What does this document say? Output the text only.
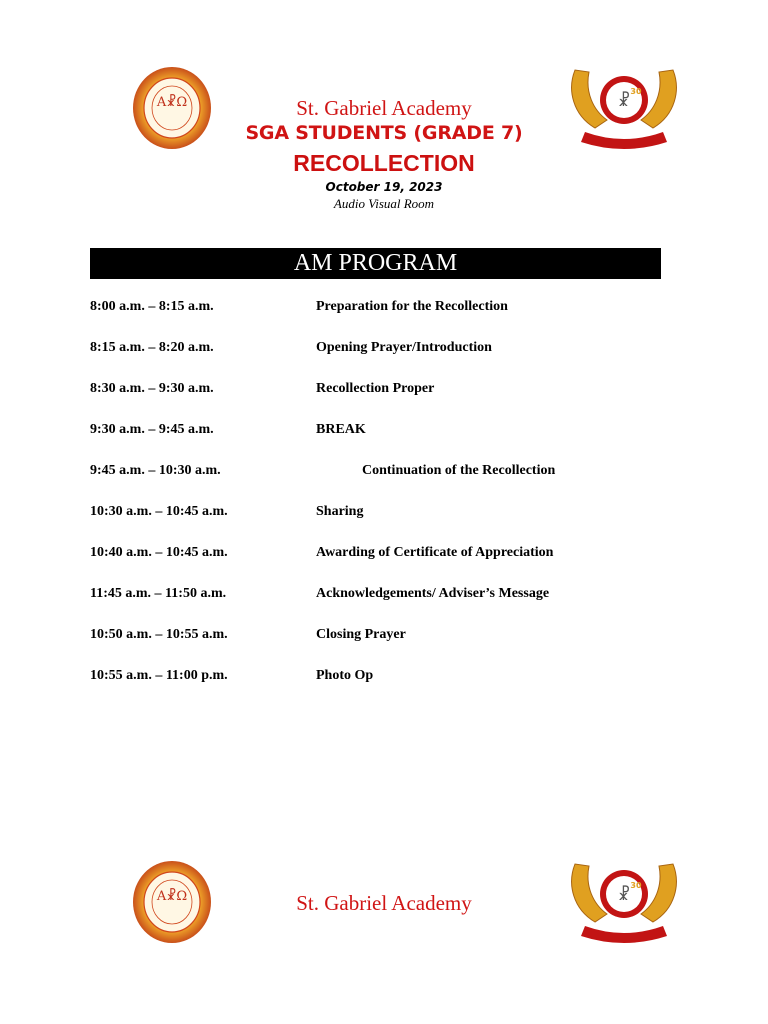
A☧Ω	☧ 30
St. Gabriel Academy
SGA STUDENTS (GRADE 7)
RECOLLECTION
October 19, 2023
Audio Visual Room
AM PROGRAM
8:00 a.m. – 8:15 a.m.	Preparation for the Recollection
8:15 a.m. – 8:20 a.m.	Opening Prayer/Introduction
8:30 a.m. – 9:30 a.m.	Recollection Proper
9:30 a.m. – 9:45 a.m.	BREAK
9:45 a.m. – 10:30 a.m.	Continuation of the Recollection
10:30 a.m. – 10:45 a.m.	Sharing
10:40 a.m. – 10:45 a.m.	Awarding of Certificate of Appreciation
11:45 a.m. – 11:50 a.m.	Acknowledgements/ Adviser’s Message
10:50 a.m. – 10:55 a.m.	Closing Prayer
10:55 a.m. – 11:00 p.m.	Photo Op
A☧Ω	☧ 30
St. Gabriel Academy
